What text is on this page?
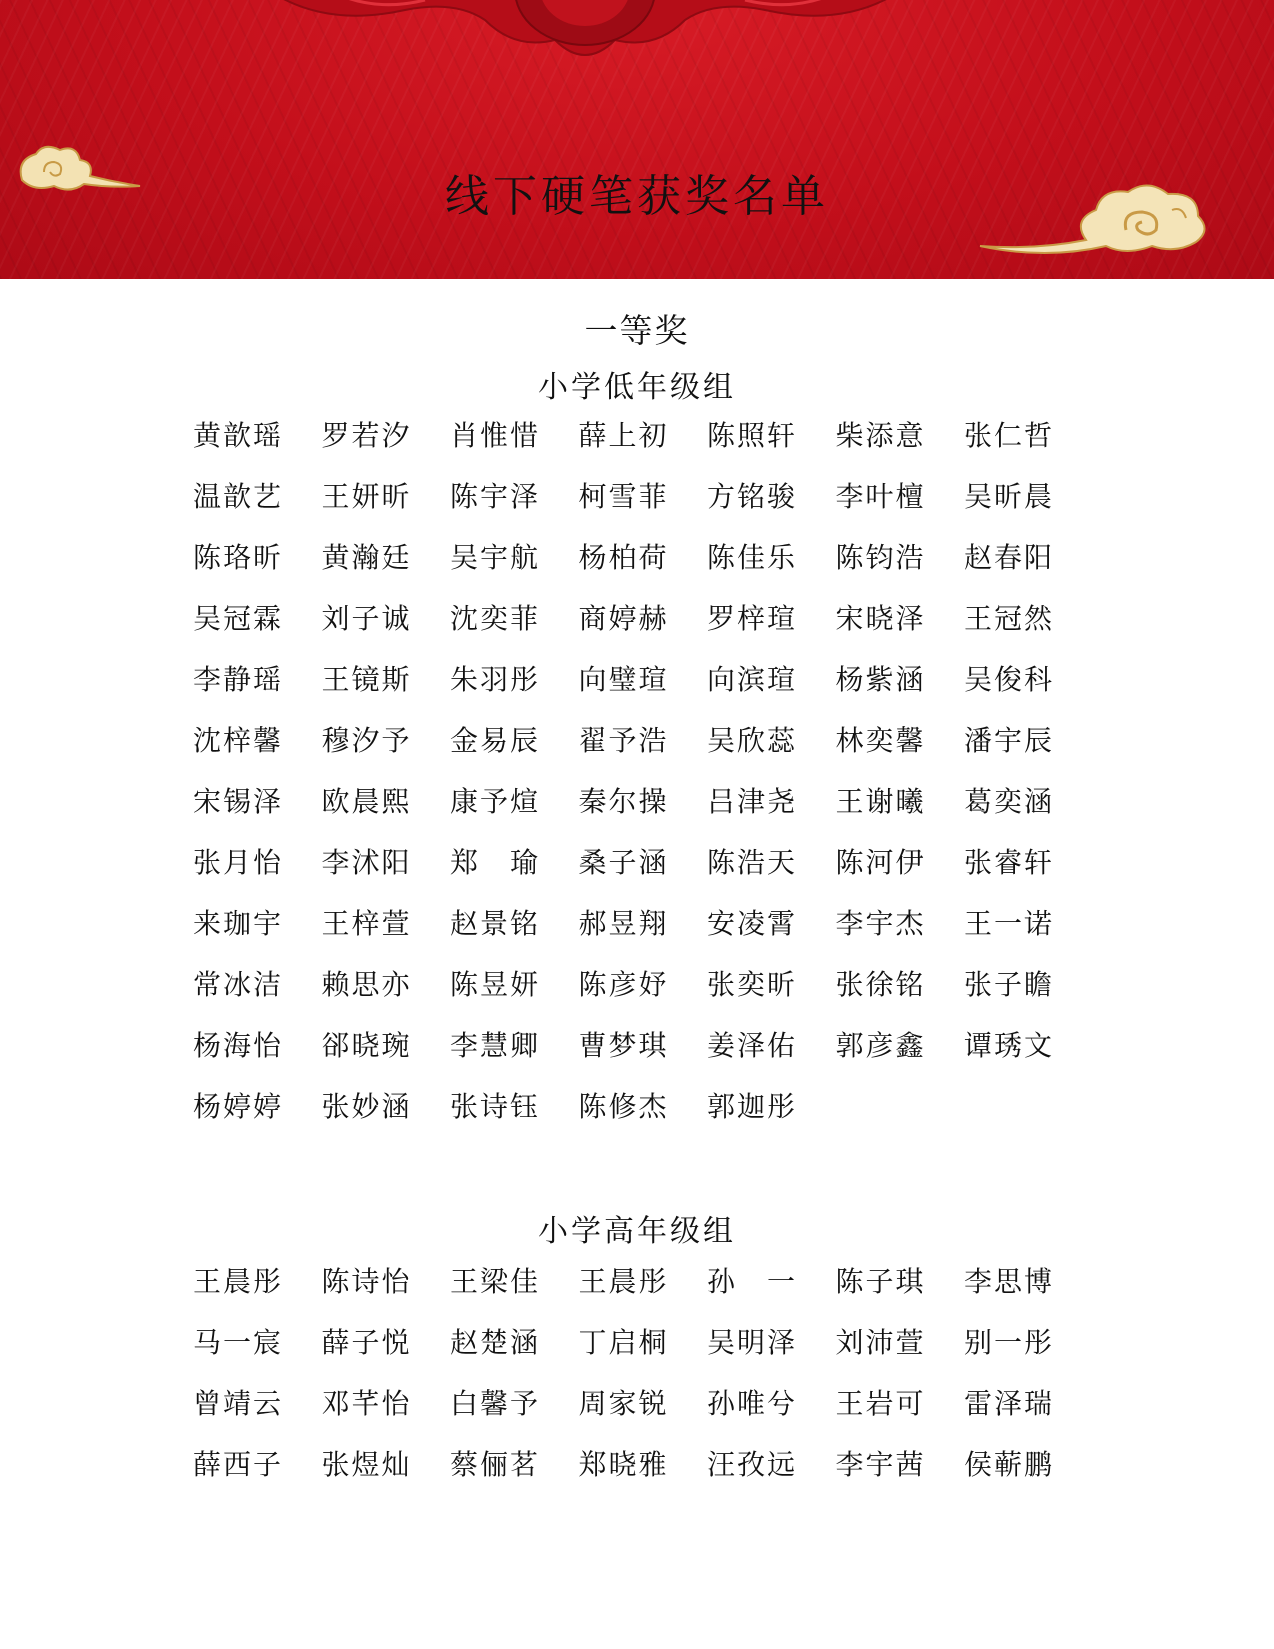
线下硬笔获奖名单
一等奖
小学低年级组
黄歆瑶	罗若汐	肖惟惜	薛上初	陈照轩	柴添意	张仁哲
温歆艺	王妍昕	陈宇泽	柯雪菲	方铭骏	李叶檀	吴昕晨
陈珞昕	黄瀚廷	吴宇航	杨柏荷	陈佳乐	陈钧浩	赵春阳
吴冠霖	刘子诚	沈奕菲	商婷赫	罗梓瑄	宋晓泽	王冠然
李静瑶	王镜斯	朱羽彤	向璧瑄	向滨瑄	杨紫涵	吴俊科
沈梓馨	穆汐予	金易辰	翟予浩	吴欣蕊	林奕馨	潘宇辰
宋锡泽	欧晨熙	康予煊	秦尔操	吕津尧	王谢曦	葛奕涵
张月怡	李沭阳	郑　瑜	桑子涵	陈浩天	陈河伊	张睿轩
来珈宇	王梓萱	赵景铭	郝昱翔	安凌霄	李宇杰	王一诺
常冰洁	赖思亦	陈昱妍	陈彦妤	张奕昕	张徐铭	张子瞻
杨海怡	郤晓琬	李慧卿	曹梦琪	姜泽佑	郭彦鑫	谭琇文
杨婷婷	张妙涵	张诗钰	陈修杰	郭迦彤
小学高年级组
王晨彤	陈诗怡	王梁佳	王晨彤	孙　一	陈子琪	李思博
马一宸	薛子悦	赵楚涵	丁启桐	吴明泽	刘沛萱	别一彤
曾靖云	邓芊怡	白馨予	周家锐	孙唯兮	王岩可	雷泽瑞
薛西子	张煜灿	蔡俪茗	郑晓雅	汪孜远	李宇茜	侯蕲鹏
